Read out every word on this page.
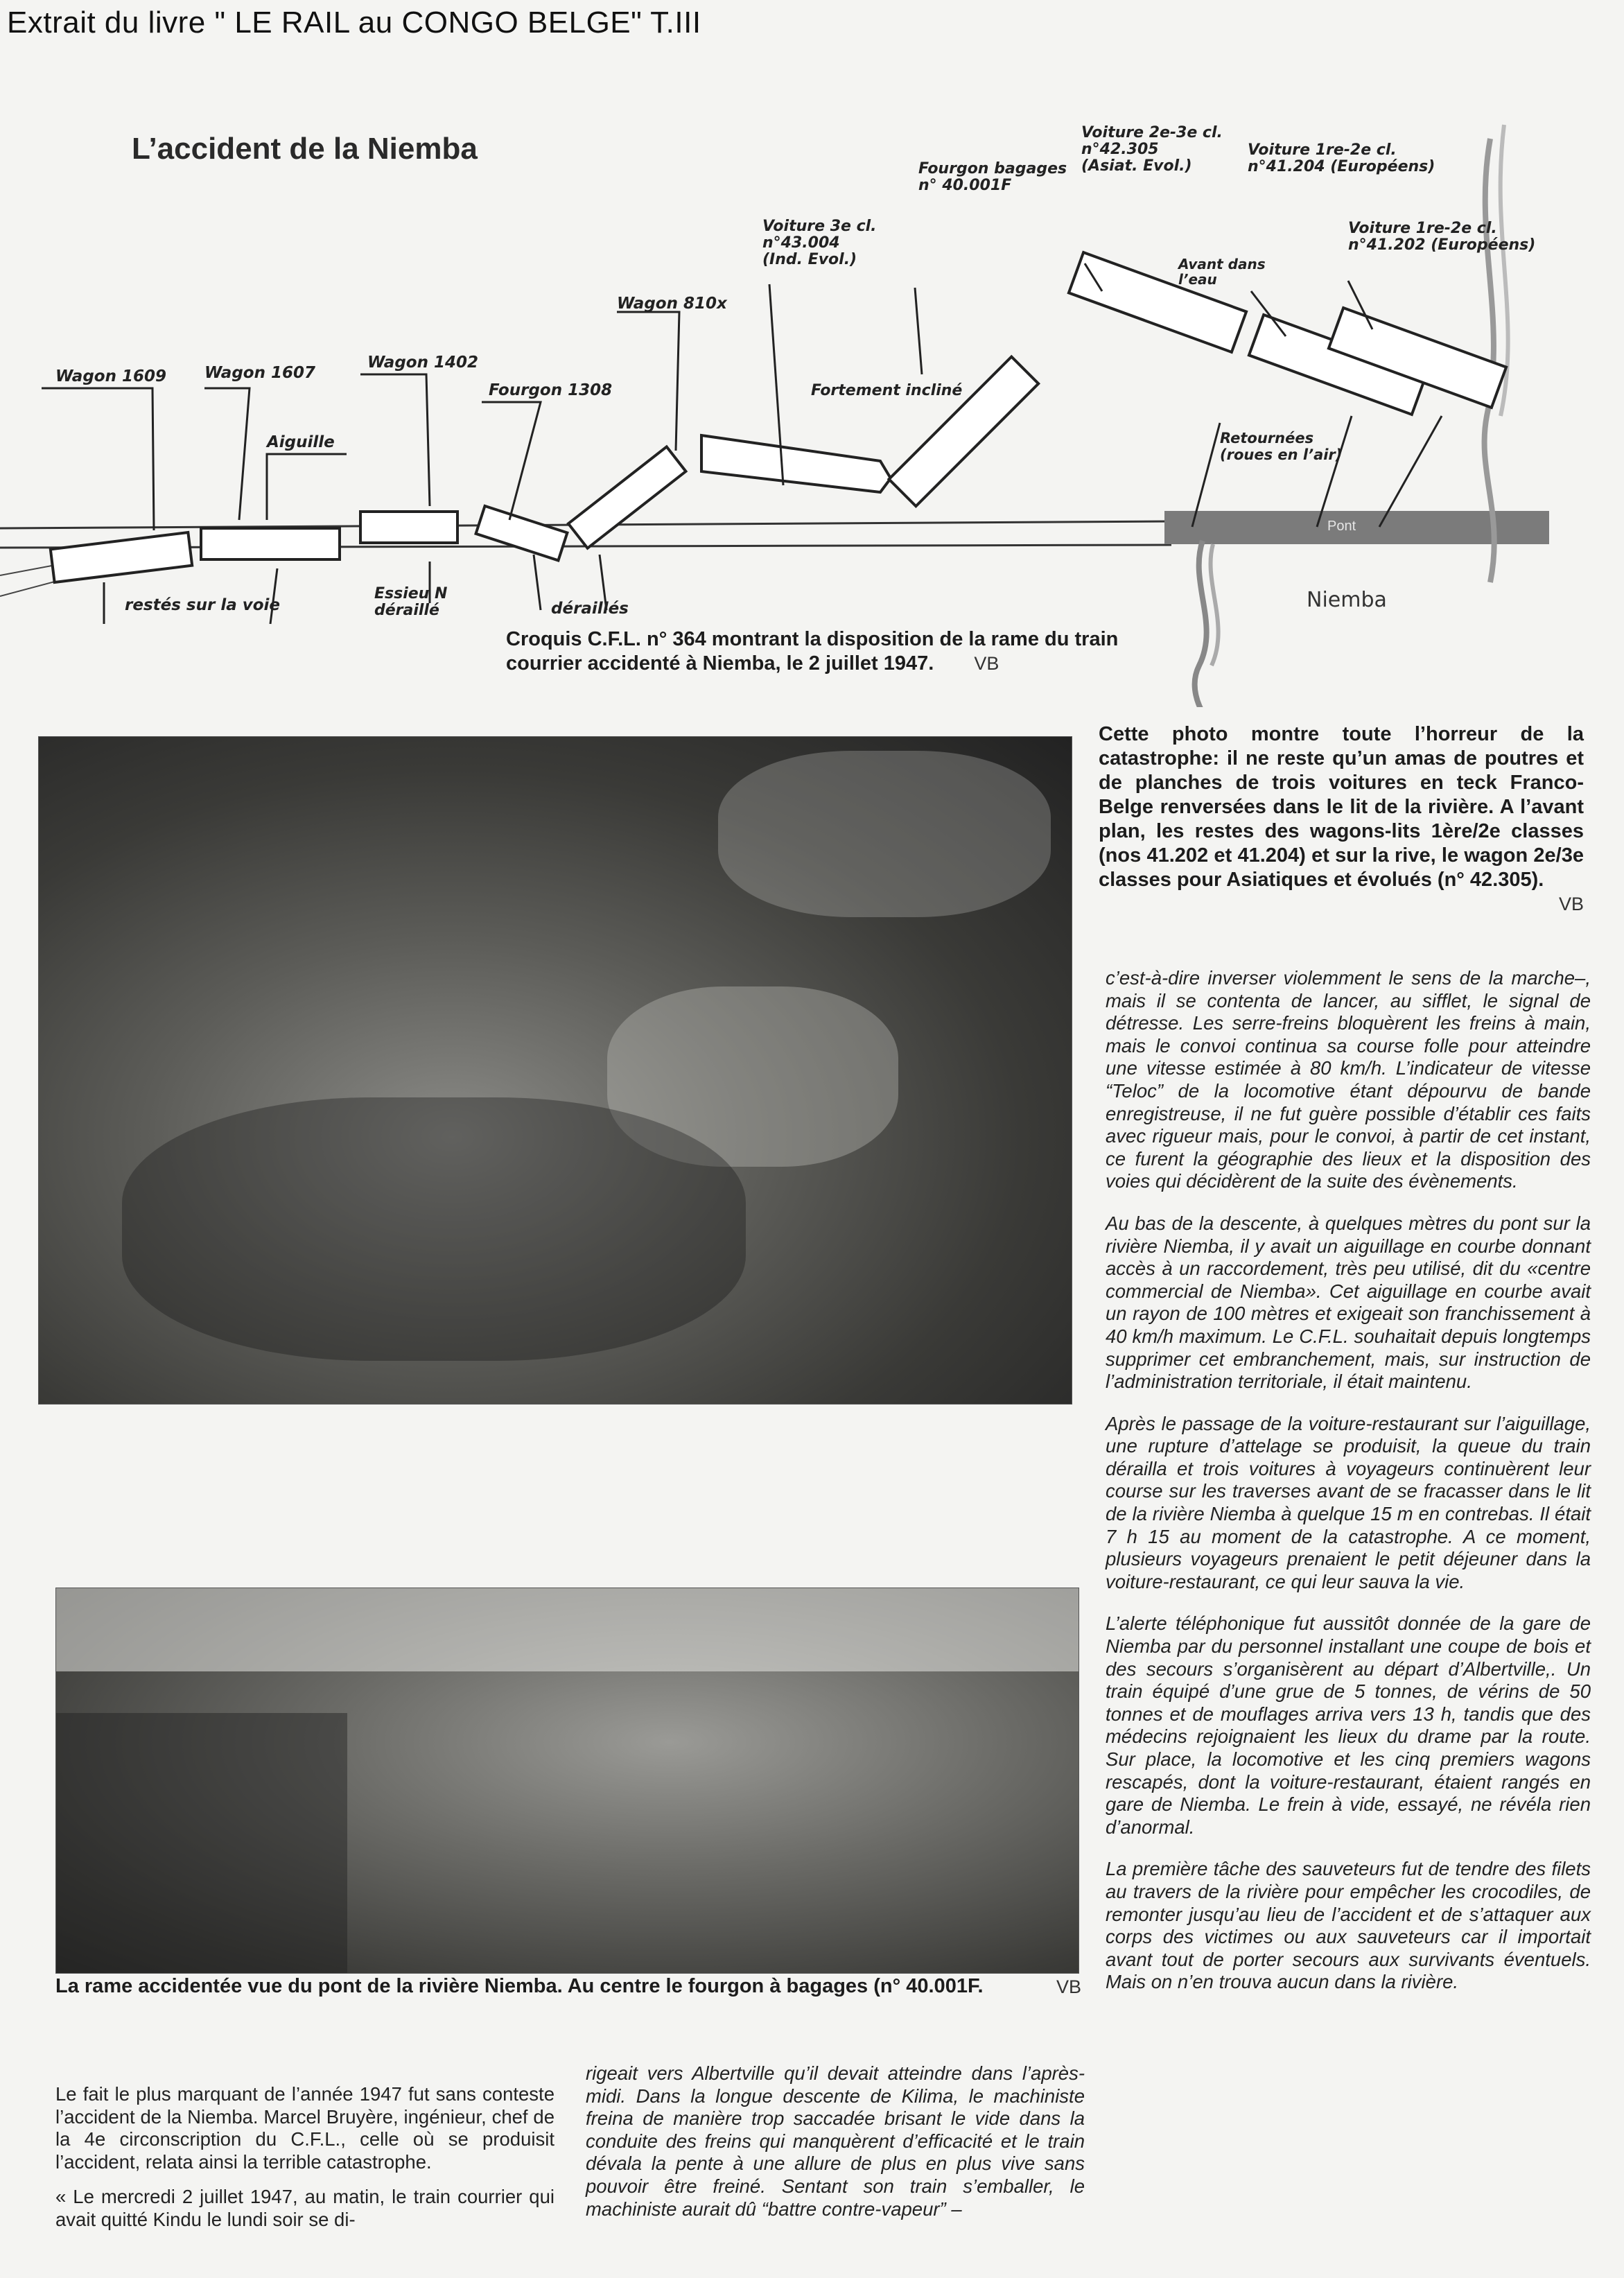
Extrait du livre " LE RAIL au CONGO BELGE" T.III
L’accident de la Niemba
Wagon 1609 Wagon 1607
Aiguille
Wagon 1402
Fourgon 1308
Wagon 810x
Fortement incliné
restés sur la voie	déraillés
Pont
Niemba
Voiture 3e cl.
n°43.004
(Ind. Evol.)
Fourgon bagages
n° 40.001F
Voiture 2e-3e cl.
n°42.305
(Asiat. Evol.)
Avant dans
l’eau
Voiture 1re-2e cl.
n°41.204 (Européens)
Voiture 1re-2e cl.
n°41.202 (Européens)
Retournées
(roues en l’air)
Essieu N
déraillé
Croquis C.F.L. n° 364 montrant la disposition de la rame du train courrier accidenté à Niemba, le 2 juillet 1947. VB
Cette photo montre toute l’horreur de la catastrophe: il ne reste qu’un amas de poutres et de planches de trois voitures en teck Franco-Belge renversées dans le lit de la rivière. A l’avant plan, les restes des wagons-lits 1ère/2e classes (nos 41.202 et 41.204) et sur la rive, le wagon 2e/3e classes pour Asiatiques et évolués (n° 42.305).
VB
La rame accidentée vue du pont de la rivière Niemba. Au centre le fourgon à bagages (n° 40.001F.	VB

c’est-à-dire inverser violemment le sens de la marche–, mais il se contenta de lancer, au sifflet, le signal de détresse. Les serre-freins bloquèrent les freins à main, mais le convoi continua sa course folle pour atteindre une vitesse estimée à 80 km/h. L’indicateur de vitesse “Teloc” de la locomotive étant dépourvu de bande enregistreuse, il ne fut guère possible d’établir ces faits avec rigueur mais, pour le convoi, à partir de cet instant, ce furent la géographie des lieux et la disposition des voies qui décidèrent de la suite des évènements.

Au bas de la descente, à quelques mètres du pont sur la rivière Niemba, il y avait un aiguillage en courbe donnant accès à un raccordement, très peu utilisé, dit du «centre commercial de Niemba». Cet aiguillage en courbe avait un rayon de 100 mètres et exigeait son franchissement à 40 km/h maximum. Le C.F.L. souhaitait depuis longtemps supprimer cet embranchement, mais, sur instruction de l’administration territoriale, il était maintenu.

Après le passage de la voiture-restaurant sur l’aiguillage, une rupture d’attelage se produisit, la queue du train dérailla et trois voitures à voyageurs continuèrent leur course sur les traverses avant de se fracasser dans le lit de la rivière Niemba à quelque 15 m en contrebas. Il était 7 h 15 au moment de la catastrophe. A ce moment, plusieurs voyageurs prenaient le petit déjeuner dans la voiture-restaurant, ce qui leur sauva la vie.

L’alerte téléphonique fut aussitôt donnée de la gare de Niemba par du personnel installant une coupe de bois et des secours s’organisèrent au départ d’Albertville,. Un train équipé d’une grue de 5 tonnes, de vérins de 50 tonnes et de mouflages arriva vers 13 h, tandis que des médecins rejoignaient les lieux du drame par la route. Sur place, la locomotive et les cinq premiers wagons rescapés, dont la voiture-restaurant, étaient rangés en gare de Niemba. Le frein à vide, essayé, ne révéla rien d’anormal.

La première tâche des sauveteurs fut de tendre des filets au travers de la rivière pour empêcher les crocodiles, de remonter jusqu’au lieu de l’accident et de s’attaquer aux corps des victimes ou aux sauveteurs car il importait avant tout de porter secours aux survivants éventuels. Mais on n’en trouva aucun dans la rivière.

Le fait le plus marquant de l’année 1947 fut sans conteste l’accident de la Niemba. Marcel Bruyère, ingénieur, chef de la 4e circonscription du C.F.L., celle où se produisit l’accident, relata ainsi la terrible catastrophe.

« Le mercredi 2 juillet 1947, au matin, le train courrier qui avait quitté Kindu le lundi soir se di-

rigeait vers Albertville qu’il devait atteindre dans l’après-midi. Dans la longue descente de Kilima, le machiniste freina de manière trop saccadée brisant le vide dans la conduite des freins qui manquèrent d’efficacité et le train dévala la pente à une allure de plus en plus vive sans pouvoir être freiné. Sentant son train s’emballer, le machiniste aurait dû “battre contre-vapeur” –
